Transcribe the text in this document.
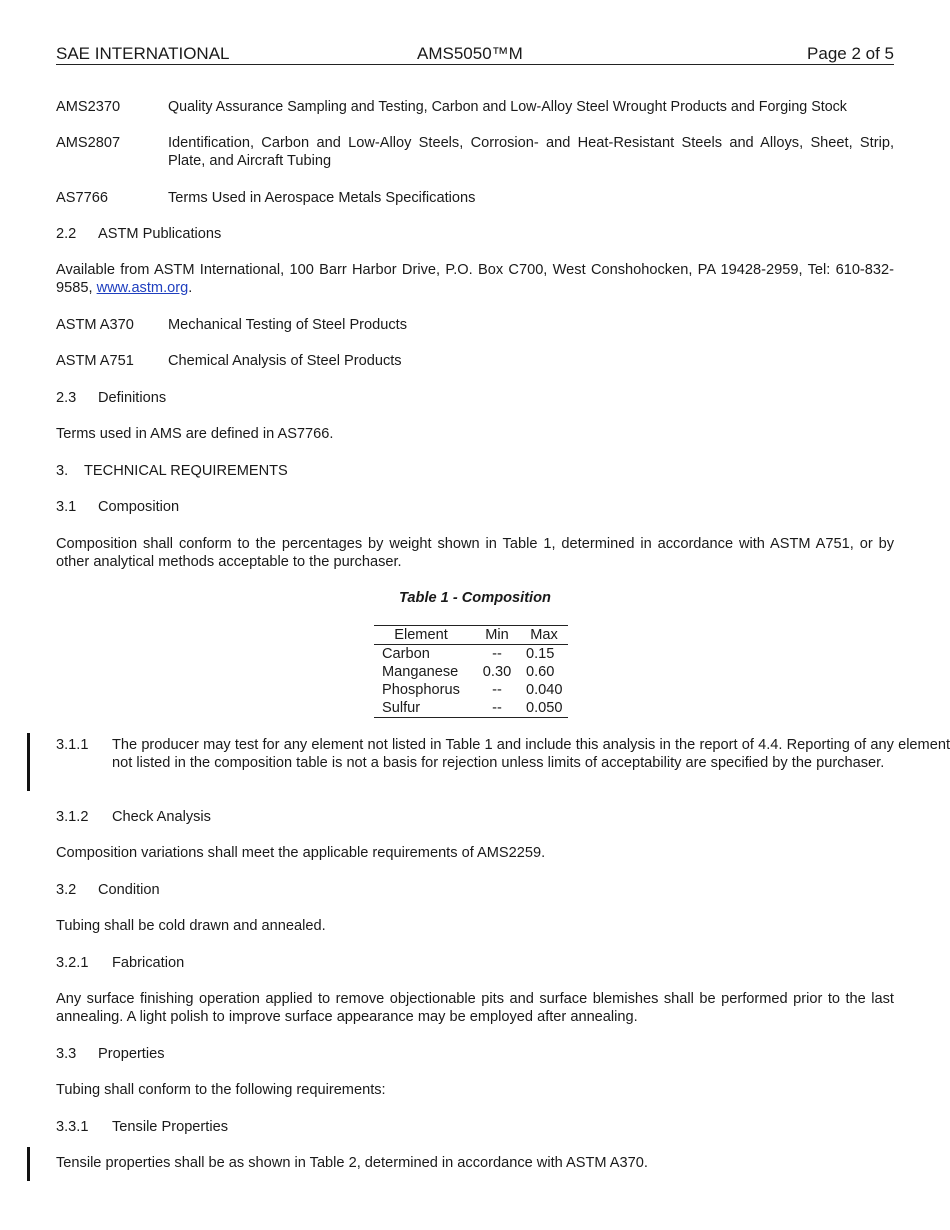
SAE INTERNATIONAL	AMS5050™M	Page 2 of 5
AMS2370	Quality Assurance Sampling and Testing, Carbon and Low-Alloy Steel Wrought Products and Forging Stock
AMS2807	Identification, Carbon and Low-Alloy Steels, Corrosion- and Heat-Resistant Steels and Alloys, Sheet, Strip, Plate, and Aircraft Tubing
AS7766	Terms Used in Aerospace Metals Specifications
2.2 ASTM Publications
Available from ASTM International, 100 Barr Harbor Drive, P.O. Box C700, West Conshohocken, PA 19428-2959, Tel: 610-832-9585, www.astm.org.
ASTM A370 Mechanical Testing of Steel Products
ASTM A751 Chemical Analysis of Steel Products
2.3 Definitions
Terms used in AMS are defined in AS7766.
3. TECHNICAL REQUIREMENTS
3.1 Composition
Composition shall conform to the percentages by weight shown in Table 1, determined in accordance with ASTM A751, or by other analytical methods acceptable to the purchaser.
Table 1 - Composition
Element	Min	Max
Carbon	--	0.15
Manganese	0.30	0.60
Phosphorus	--	0.040
Sulfur	--	0.050
3.1.1 The producer may test for any element not listed in Table 1 and include this analysis in the report of 4.4. Reporting of any element not listed in the composition table is not a basis for rejection unless limits of acceptability are specified by the purchaser.
3.1.2 Check Analysis
Composition variations shall meet the applicable requirements of AMS2259.
3.2 Condition
Tubing shall be cold drawn and annealed.
3.2.1 Fabrication
Any surface finishing operation applied to remove objectionable pits and surface blemishes shall be performed prior to the last annealing. A light polish to improve surface appearance may be employed after annealing.
3.3 Properties
Tubing shall conform to the following requirements:
3.3.1 Tensile Properties
Tensile properties shall be as shown in Table 2, determined in accordance with ASTM A370.
